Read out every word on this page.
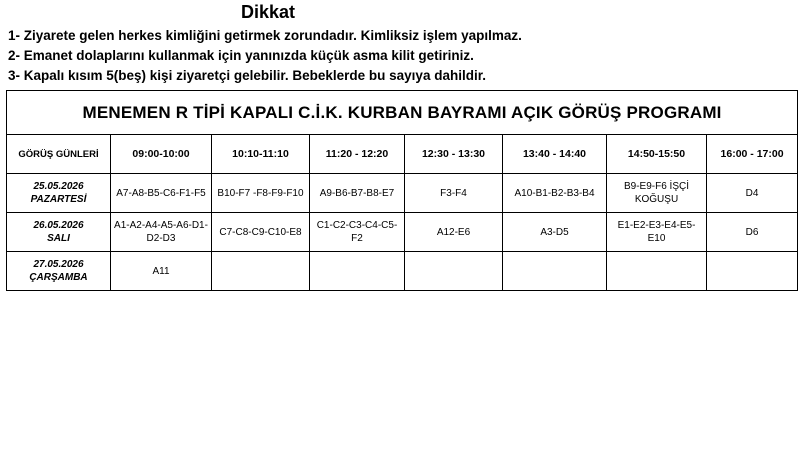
Dikkat
1- Ziyarete gelen herkes kimliğini getirmek zorundadır. Kimliksiz işlem yapılmaz.
2- Emanet dolaplarını kullanmak için yanınızda küçük asma kilit getiriniz.
3- Kapalı kısım 5(beş) kişi ziyaretçi gelebilir. Bebeklerde bu sayıya dahildir.
MENEMEN R TİPİ KAPALI C.İ.K. KURBAN BAYRAMI AÇIK GÖRÜŞ PROGRAMI							
GÖRÜŞ GÜNLERİ	09:00-10:00	10:10-11:10	11:20 - 12:20	12:30 - 13:30	13:40 - 14:40	14:50-15:50	16:00 - 17:00

25.05.2026
PAZARTESİ	A7-A8-B5-C6-F1-F5	B10-F7 -F8-F9-F10	A9-B6-B7-B8-E7	F3-F4	A10-B1-B2-B3-B4	B9-E9-F6 İŞÇİ KOĞUŞU	D4

26.05.2026
SALI	A1-A2-A4-A5-A6-D1-D2-D3	C7-C8-C9-C10-E8	C1-C2-C3-C4-C5-F2	A12-E6	A3-D5	E1-E2-E3-E4-E5-E10	D6

27.05.2026
ÇARŞAMBA	A11						
